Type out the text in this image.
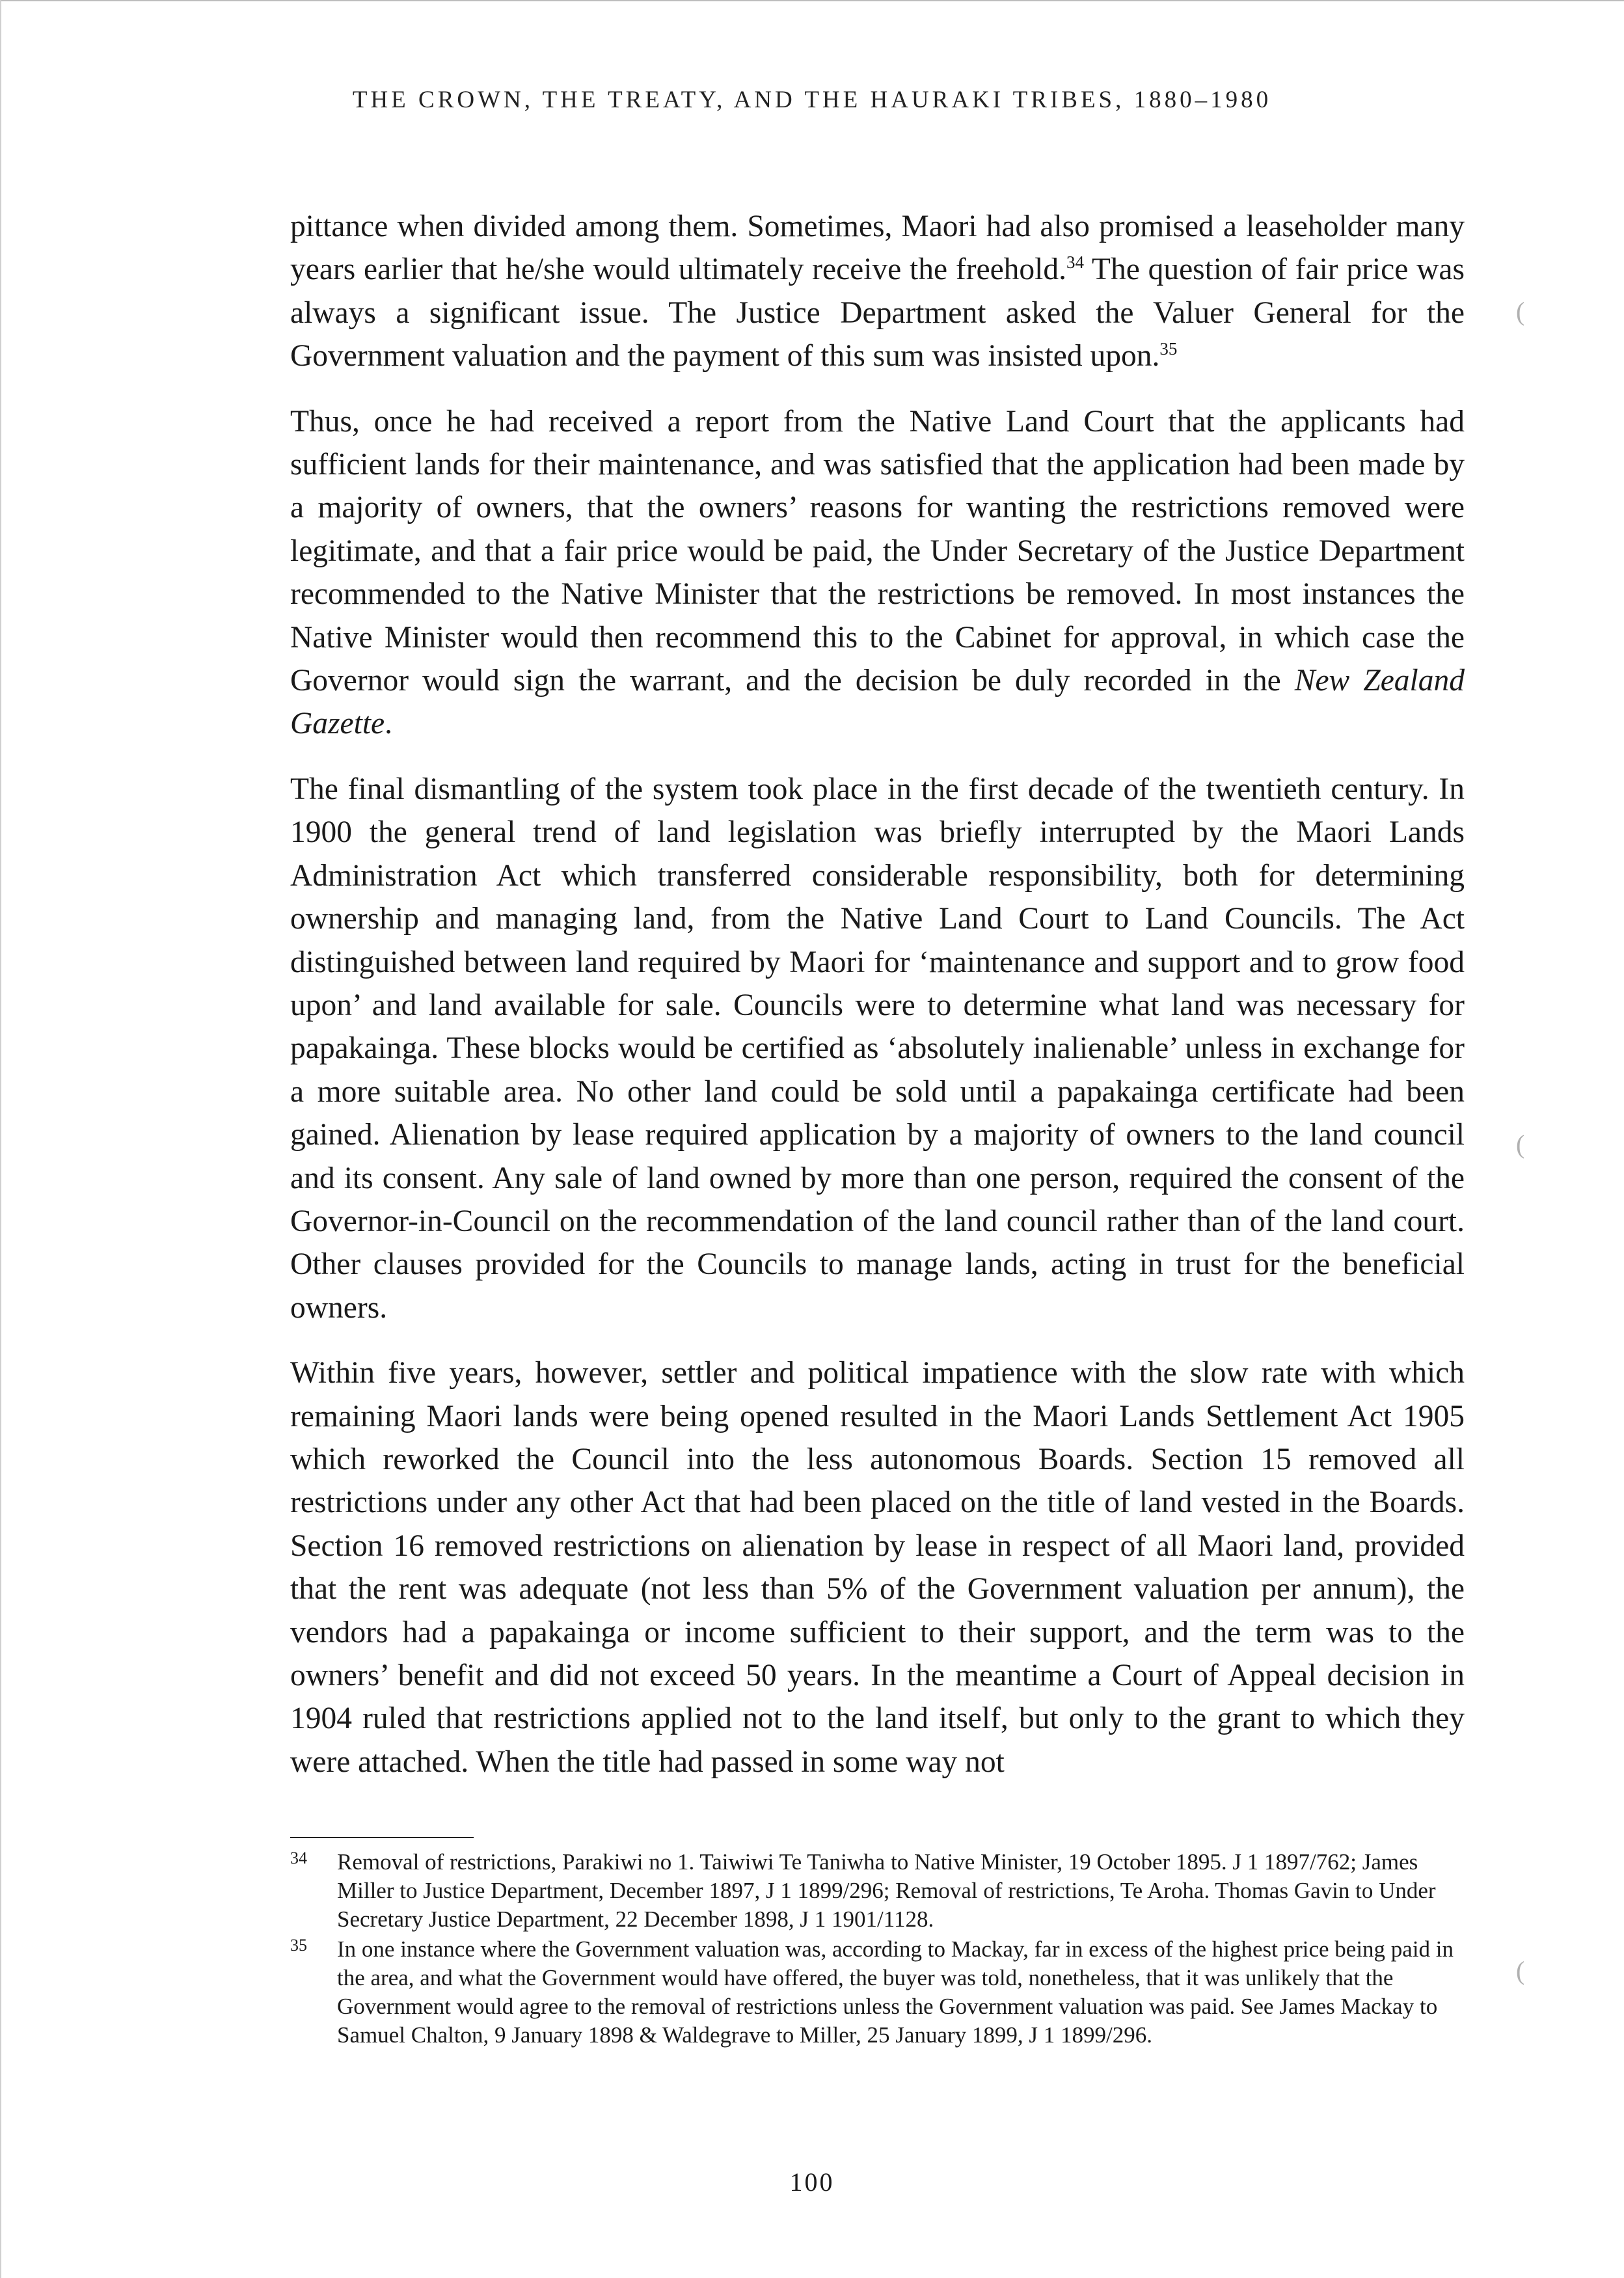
THE CROWN, THE TREATY, AND THE HAURAKI TRIBES, 1880–1980

pittance when divided among them. Sometimes, Maori had also promised a leaseholder many years earlier that he/she would ultimately receive the freehold.$^{34}$ The question of fair price was always a significant issue. The Justice Department asked the Valuer General for the Government valuation and the payment of this sum was insisted upon.$^{35}$

Thus, once he had received a report from the Native Land Court that the applicants had sufficient lands for their maintenance, and was satisfied that the application had been made by a majority of owners, that the owners’ reasons for wanting the restrictions removed were legitimate, and that a fair price would be paid, the Under Secretary of the Justice Department recommended to the Native Minister that the restrictions be removed. In most instances the Native Minister would then recommend this to the Cabinet for approval, in which case the Governor would sign the warrant, and the decision be duly recorded in the New Zealand Gazette.

The final dismantling of the system took place in the first decade of the twentieth century. In 1900 the general trend of land legislation was briefly interrupted by the Maori Lands Administration Act which transferred considerable responsibility, both for determining ownership and managing land, from the Native Land Court to Land Councils. The Act distinguished between land required by Maori for ‘maintenance and support and to grow food upon’ and land available for sale. Councils were to determine what land was necessary for papakainga. These blocks would be certified as ‘absolutely inalienable’ unless in exchange for a more suitable area. No other land could be sold until a papakainga certificate had been gained. Alienation by lease required application by a majority of owners to the land council and its consent. Any sale of land owned by more than one person, required the consent of the Governor-in-Council on the recommendation of the land council rather than of the land court. Other clauses provided for the Councils to manage lands, acting in trust for the beneficial owners.

Within five years, however, settler and political impatience with the slow rate with which remaining Maori lands were being opened resulted in the Maori Lands Settlement Act 1905 which reworked the Council into the less autonomous Boards. Section 15 removed all restrictions under any other Act that had been placed on the title of land vested in the Boards. Section 16 removed restrictions on alienation by lease in respect of all Maori land, provided that the rent was adequate (not less than 5% of the Government valuation per annum), the vendors had a papakainga or income sufficient to their support, and the term was to the owners’ benefit and did not exceed 50 years. In the meantime a Court of Appeal decision in 1904 ruled that restrictions applied not to the land itself, but only to the grant to which they were attached. When the title had passed in some way not

34 Removal of restrictions, Parakiwi no 1. Taiwiwi Te Taniwha to Native Minister, 19 October 1895. J 1 1897/762; James Miller to Justice Department, December 1897, J 1 1899/296; Removal of restrictions, Te Aroha. Thomas Gavin to Under Secretary Justice Department, 22 December 1898, J 1 1901/1128.
35 In one instance where the Government valuation was, according to Mackay, far in excess of the highest price being paid in the area, and what the Government would have offered, the buyer was told, nonetheless, that it was unlikely that the Government would agree to the removal of restrictions unless the Government valuation was paid. See James Mackay to Samuel Chalton, 9 January 1898 & Waldegrave to Miller, 25 January 1899, J 1 1899/296.
100
(
(
(
